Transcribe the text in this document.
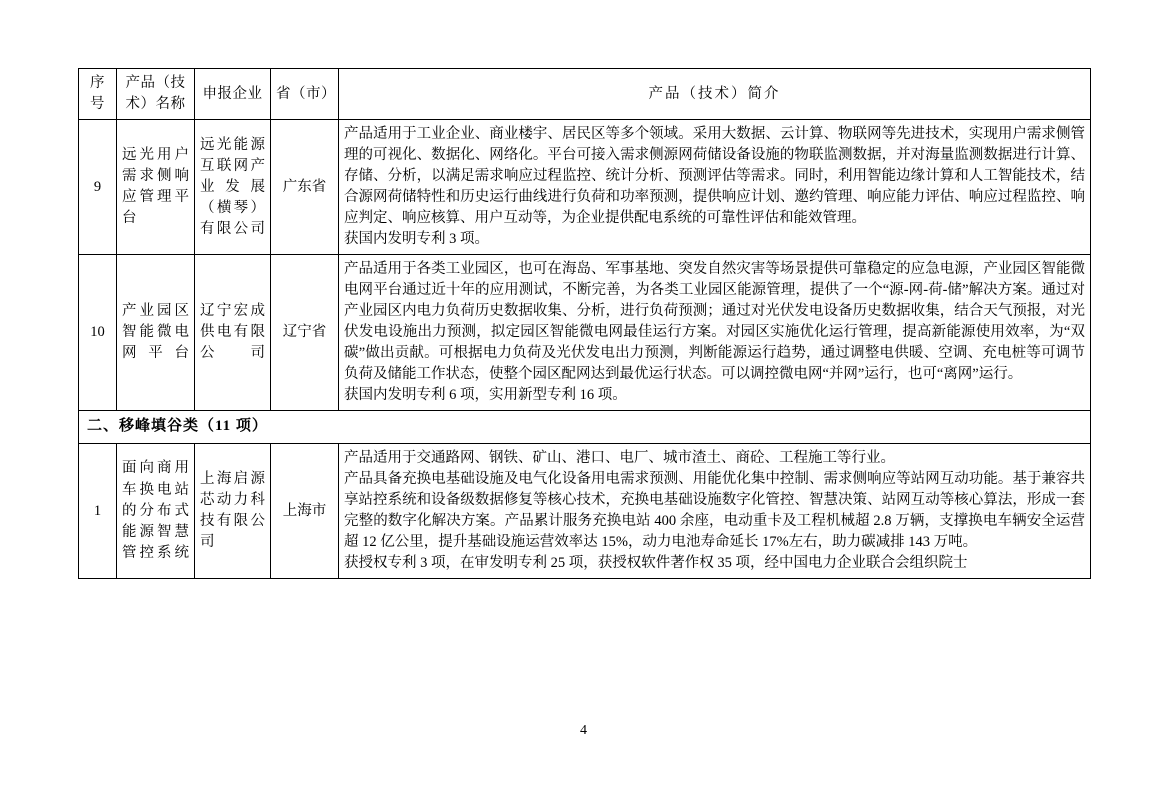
序号	产品（技术）名称	申报企业	省（市）	产品（技术）简介
9	远光用户需求侧响应管理平台	远光能源互联网产业发展（横琴）有限公司	广东省	产品适用于工业企业、商业楼宇、居民区等多个领域。采用大数据、云计算、物联网等先进技术，实现用户需求侧管理的可视化、数据化、网络化。平台可接入需求侧源网荷储设备设施的物联监测数据，并对海量监测数据进行计算、存储、分析，以满足需求响应过程监控、统计分析、预测评估等需求。同时，利用智能边缘计算和人工智能技术，结合源网荷储特性和历史运行曲线进行负荷和功率预测，提供响应计划、邀约管理、响应能力评估、响应过程监控、响应判定、响应核算、用户互动等，为企业提供配电系统的可靠性评估和能效管理。

获国内发明专利 3 项。

10	产业园区智能微电网平台	辽宁宏成供电有限公司	辽宁省	产品适用于各类工业园区，也可在海岛、军事基地、突发自然灾害等场景提供可靠稳定的应急电源，产业园区智能微电网平台通过近十年的应用测试，不断完善，为各类工业园区能源管理，提供了一个“源-网-荷-储”解决方案。通过对产业园区内电力负荷历史数据收集、分析，进行负荷预测；通过对光伏发电设备历史数据收集，结合天气预报，对光伏发电设施出力预测，拟定园区智能微电网最佳运行方案。对园区实施优化运行管理，提高新能源使用效率，为“双碳”做出贡献。可根据电力负荷及光伏发电出力预测，判断能源运行趋势，通过调整电供暖、空调、充电桩等可调节负荷及储能工作状态，使整个园区配网达到最优运行状态。可以调控微电网“并网”运行，也可“离网”运行。

获国内发明专利 6 项，实用新型专利 16 项。

二、移峰填谷类（11 项）				
1	面向商用车换电站的分布式能源智慧管控系统	上海启源芯动力科技有限公司	上海市	产品适用于交通路网、钢铁、矿山、港口、电厂、城市渣土、商砼、工程施工等行业。

产品具备充换电基础设施及电气化设备用电需求预测、用能优化集中控制、需求侧响应等站网互动功能。基于兼容共享站控系统和设备级数据修复等核心技术，充换电基础设施数字化管控、智慧决策、站网互动等核心算法，形成一套完整的数字化解决方案。产品累计服务充换电站 400 余座，电动重卡及工程机械超 2.8 万辆，支撑换电车辆安全运营超 12 亿公里，提升基础设施运营效率达 15%，动力电池寿命延长 17%左右，助力碳减排 143 万吨。

获授权专利 3 项，在审发明专利 25 项，获授权软件著作权 35 项，经中国电力企业联合会组织院士

4
